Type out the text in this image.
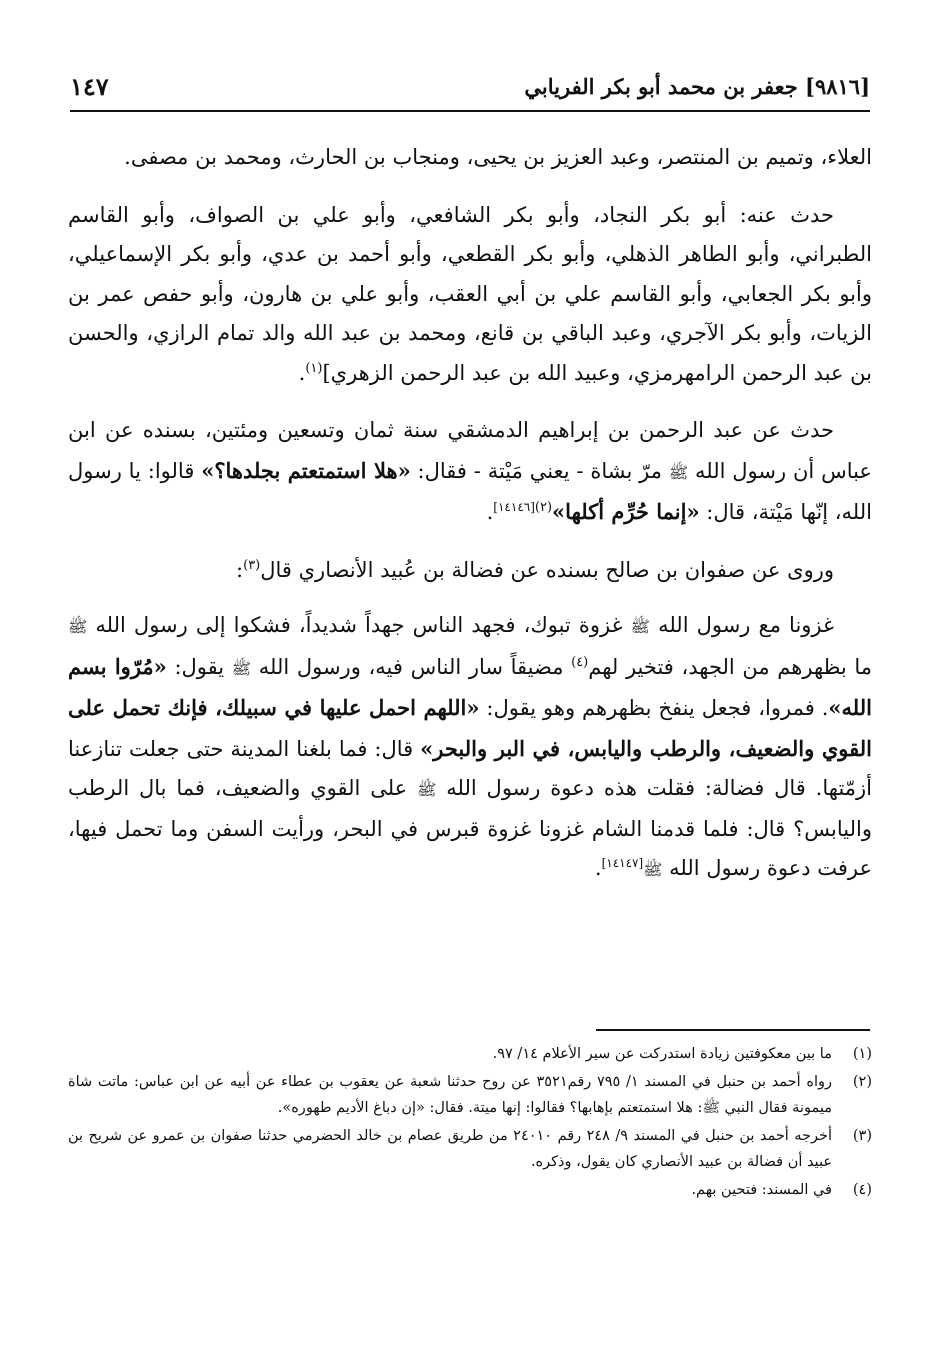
[٩٨١٦] جعفر بن محمد أبو بكر الفريابي
١٤٧

العلاء، وتميم بن المنتصر، وعبد العزيز بن يحيى، ومنجاب بن الحارث، ومحمد بن مصفى.

حدث عنه: أبو بكر النجاد، وأبو بكر الشافعي، وأبو علي بن الصواف، وأبو القاسم الطبراني، وأبو الطاهر الذهلي، وأبو بكر القطعي، وأبو أحمد بن عدي، وأبو بكر الإسماعيلي، وأبو بكر الجعابي، وأبو القاسم علي بن أبي العقب، وأبو علي بن هارون، وأبو حفص عمر بن الزيات، وأبو بكر الآجري، وعبد الباقي بن قانع، ومحمد بن عبد الله والد تمام الرازي، والحسن بن عبد الرحمن الرامهرمزي، وعبيد الله بن عبد الرحمن الزهري]$^{(١)}$.

حدث عن عبد الرحمن بن إبراهيم الدمشقي سنة ثمان وتسعين ومئتين، بسنده عن ابن عباس أن رسول الله ﷺ مرّ بشاة - يعني مَيْتة - فقال: «هلا استمتعتم بجلدها؟» قالوا: يا رسول الله، إنّها مَيْتة، قال: «إنما حُرِّم أكلها»$^{(٢)[١٤١٤٦]}$.

وروى عن صفوان بن صالح بسنده عن فضالة بن عُبيد الأنصاري قال$^{(٣)}$:

غزونا مع رسول الله ﷺ غزوة تبوك، فجهد الناس جهداً شديداً، فشكوا إلى رسول الله ﷺ ما بظهرهم من الجهد، فتخير لهم$^{(٤)}$ مضيقاً سار الناس فيه، ورسول الله ﷺ يقول: «مُرّوا بسم الله». فمروا، فجعل ينفخ بظهرهم وهو يقول: «اللهم احمل عليها في سبيلك، فإنك تحمل على القوي والضعيف، والرطب واليابس، في البر والبحر» قال: فما بلغنا المدينة حتى جعلت تنازعنا أزمّتها. قال فضالة: فقلت هذه دعوة رسول الله ﷺ على القوي والضعيف، فما بال الرطب واليابس؟ قال: فلما قدمنا الشام غزونا غزوة قبرس في البحر، ورأيت السفن وما تحمل فيها، عرفت دعوة رسول الله ﷺ[١٤١٤٧].

(١)
ما بين معكوفتين زيادة استدركت عن سير الأعلام ١٤/ ٩٧.
(٢)
رواه أحمد بن حنبل في المسند ١/ ٧٩٥ رقم٣٥٢١ عن روح حدثنا شعبة عن يعقوب بن عطاء عن أبيه عن ابن عباس: ماتت شاة ميمونة فقال النبي ﷺ: هلا استمتعتم بإهابها؟ فقالوا: إنها ميتة. فقال: «إن دباغ الأديم طهوره».
(٣)
أخرجه أحمد بن حنبل في المسند ٩/ ٢٤٨ رقم ٢٤٠١٠ من طريق عصام بن خالد الحضرمي حدثنا صفوان بن عمرو عن شريح بن عبيد أن فضالة بن عبيد الأنصاري كان يقول، وذكره.
(٤)
في المسند: فتحين بهم.
